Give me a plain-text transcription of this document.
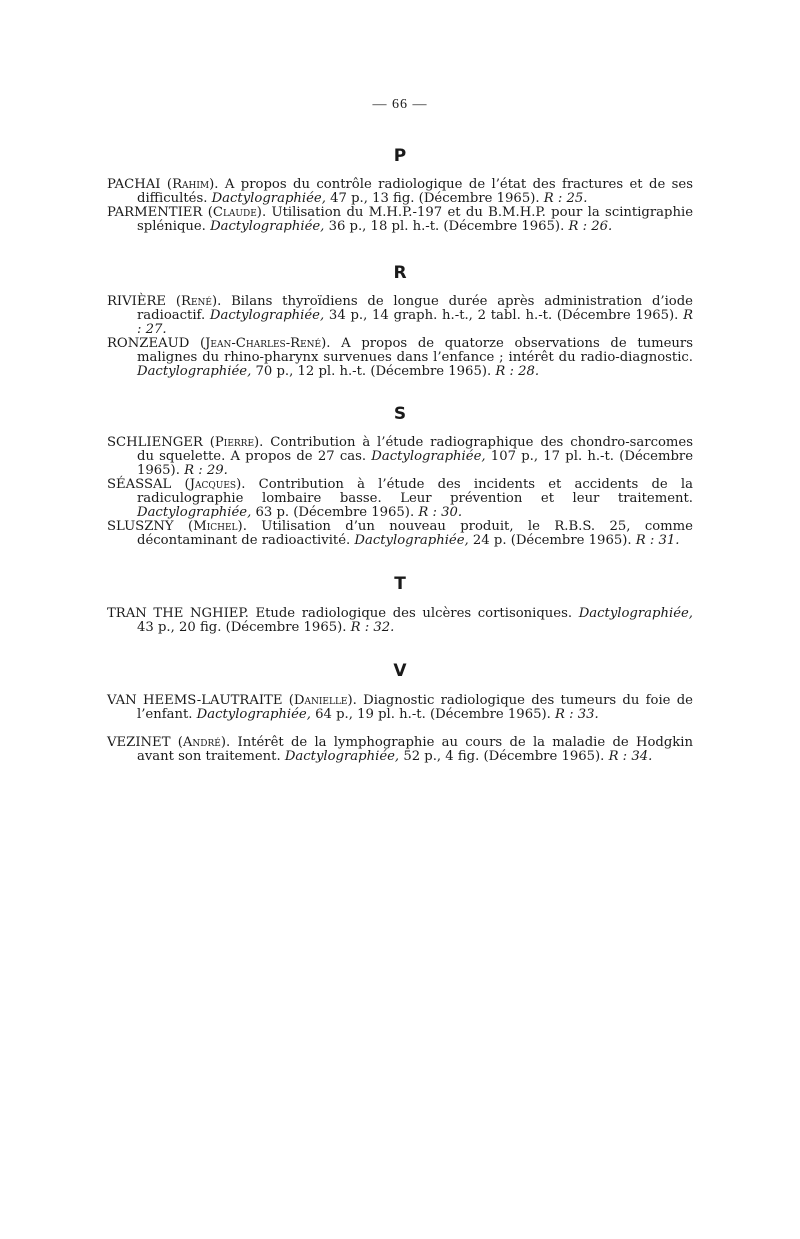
— 66 —
P
PACHAI (Rahim). A propos du contrôle radiologique de l’état des fractures et de ses difficultés. Dactylographiée, 47 p., 13 fig. (Décembre 1965). R : 25.
PARMENTIER (Claude). Utilisation du M.H.P.-197 et du B.M.H.P. pour la scintigraphie splénique. Dactylographiée, 36 p., 18 pl. h.-t. (Décembre 1965). R : 26.
R
RIVIÈRE (René). Bilans thyroïdiens de longue durée après administration d’iode radioactif. Dactylographiée, 34 p., 14 graph. h.-t., 2 tabl. h.-t. (Décembre 1965). R : 27.
RONZEAUD (Jean-Charles-René). A propos de quatorze observations de tumeurs malignes du rhino-pharynx survenues dans l’enfance ; intérêt du radio-diagnostic. Dactylographiée, 70 p., 12 pl. h.-t. (Décembre 1965). R : 28.
S
SCHLIENGER (Pierre). Contribution à l’étude radiographique des chondro-sarcomes du squelette. A propos de 27 cas. Dactylographiée, 107 p., 17 pl. h.-t. (Décembre 1965). R : 29.
SÉASSAL (Jacques). Contribution à l’étude des incidents et accidents de la radiculographie lombaire basse. Leur prévention et leur traitement. Dactylographiée, 63 p. (Décembre 1965). R : 30.
SLUSZNY (Michel). Utilisation d’un nouveau produit, le R.B.S. 25, comme décontaminant de radioactivité. Dactylographiée, 24 p. (Décembre 1965). R : 31.
T
TRAN THE NGHIEP. Etude radiologique des ulcères cortisoniques. Dactylographiée, 43 p., 20 fig. (Décembre 1965). R : 32.
V
VAN HEEMS-LAUTRAITE (Danielle). Diagnostic radiologique des tumeurs du foie de l’enfant. Dactylographiée, 64 p., 19 pl. h.-t. (Décembre 1965). R : 33.
VEZINET (André). Intérêt de la lymphographie au cours de la maladie de Hodgkin avant son traitement. Dactylographiée, 52 p., 4 fig. (Décembre 1965). R : 34.
